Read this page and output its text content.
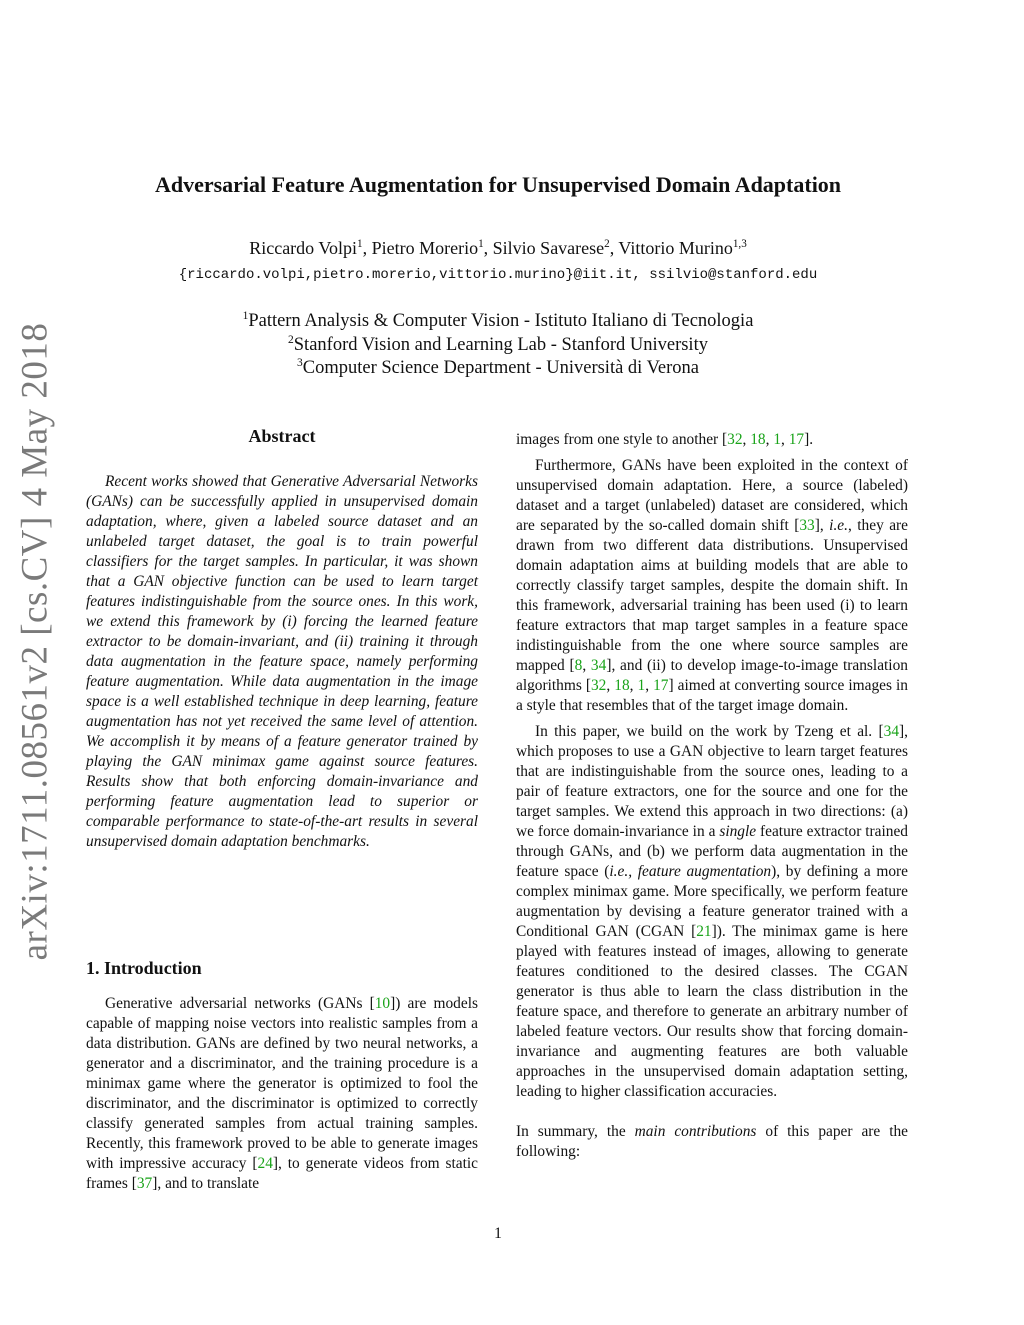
arXiv:1711.08561v2 [cs.CV] 4 May 2018
Adversarial Feature Augmentation for Unsupervised Domain Adaptation
Riccardo Volpi$^1$, Pietro Morerio$^1$, Silvio Savarese$^2$, Vittorio Murino$^{1,3}$
{riccardo.volpi,pietro.morerio,vittorio.murino}@iit.it, ssilvio@stanford.edu
$^1$Pattern Analysis & Computer Vision - Istituto Italiano di Tecnologia
$^2$Stanford Vision and Learning Lab - Stanford University
$^3$Computer Science Department - Università di Verona
Abstract

Recent works showed that Generative Adversarial Networks (GANs) can be successfully applied in unsupervised domain adaptation, where, given a labeled source dataset and an unlabeled target dataset, the goal is to train powerful classifiers for the target samples. In particular, it was shown that a GAN objective function can be used to learn target features indistinguishable from the source ones. In this work, we extend this framework by (i) forcing the learned feature extractor to be domain-invariant, and (ii) training it through data augmentation in the feature space, namely performing feature augmentation. While data augmentation in the image space is a well established technique in deep learning, feature augmentation has not yet received the same level of attention. We accomplish it by means of a feature generator trained by playing the GAN minimax game against source features. Results show that both enforcing domain-invariance and performing feature augmentation lead to superior or comparable performance to state-of-the-art results in several unsupervised domain adaptation benchmarks.

1. Introduction

Generative adversarial networks (GANs [10]) are models capable of mapping noise vectors into realistic samples from a data distribution. GANs are defined by two neural networks, a generator and a discriminator, and the training procedure is a minimax game where the generator is optimized to fool the discriminator, and the discriminator is optimized to correctly classify generated samples from actual training samples. Recently, this framework proved to be able to generate images with impressive accuracy [24], to generate videos from static frames [37], and to translate

images from one style to another [32, 18, 1, 17].

Furthermore, GANs have been exploited in the context of unsupervised domain adaptation. Here, a source (labeled) dataset and a target (unlabeled) dataset are considered, which are separated by the so-called domain shift [33], i.e., they are drawn from two different data distributions. Unsupervised domain adaptation aims at building models that are able to correctly classify target samples, despite the domain shift. In this framework, adversarial training has been used (i) to learn feature extractors that map target samples in a feature space indistinguishable from the one where source samples are mapped [8, 34], and (ii) to develop image-to-image translation algorithms [32, 18, 1, 17] aimed at converting source images in a style that resembles that of the target image domain.

In this paper, we build on the work by Tzeng et al. [34], which proposes to use a GAN objective to learn target features that are indistinguishable from the source ones, leading to a pair of feature extractors, one for the source and one for the target samples. We extend this approach in two directions: (a) we force domain-invariance in a single feature extractor trained through GANs, and (b) we perform data augmentation in the feature space (i.e., feature augmentation), by defining a more complex minimax game. More specifically, we perform feature augmentation by devising a feature generator trained with a Conditional GAN (CGAN [21]). The minimax game is here played with features instead of images, allowing to generate features conditioned to the desired classes. The CGAN generator is thus able to learn the class distribution in the feature space, and therefore to generate an arbitrary number of labeled feature vectors. Our results show that forcing domain-invariance and augmenting features are both valuable approaches in the unsupervised domain adaptation setting, leading to higher classification accuracies.

In summary, the main contributions of this paper are the following:

1
